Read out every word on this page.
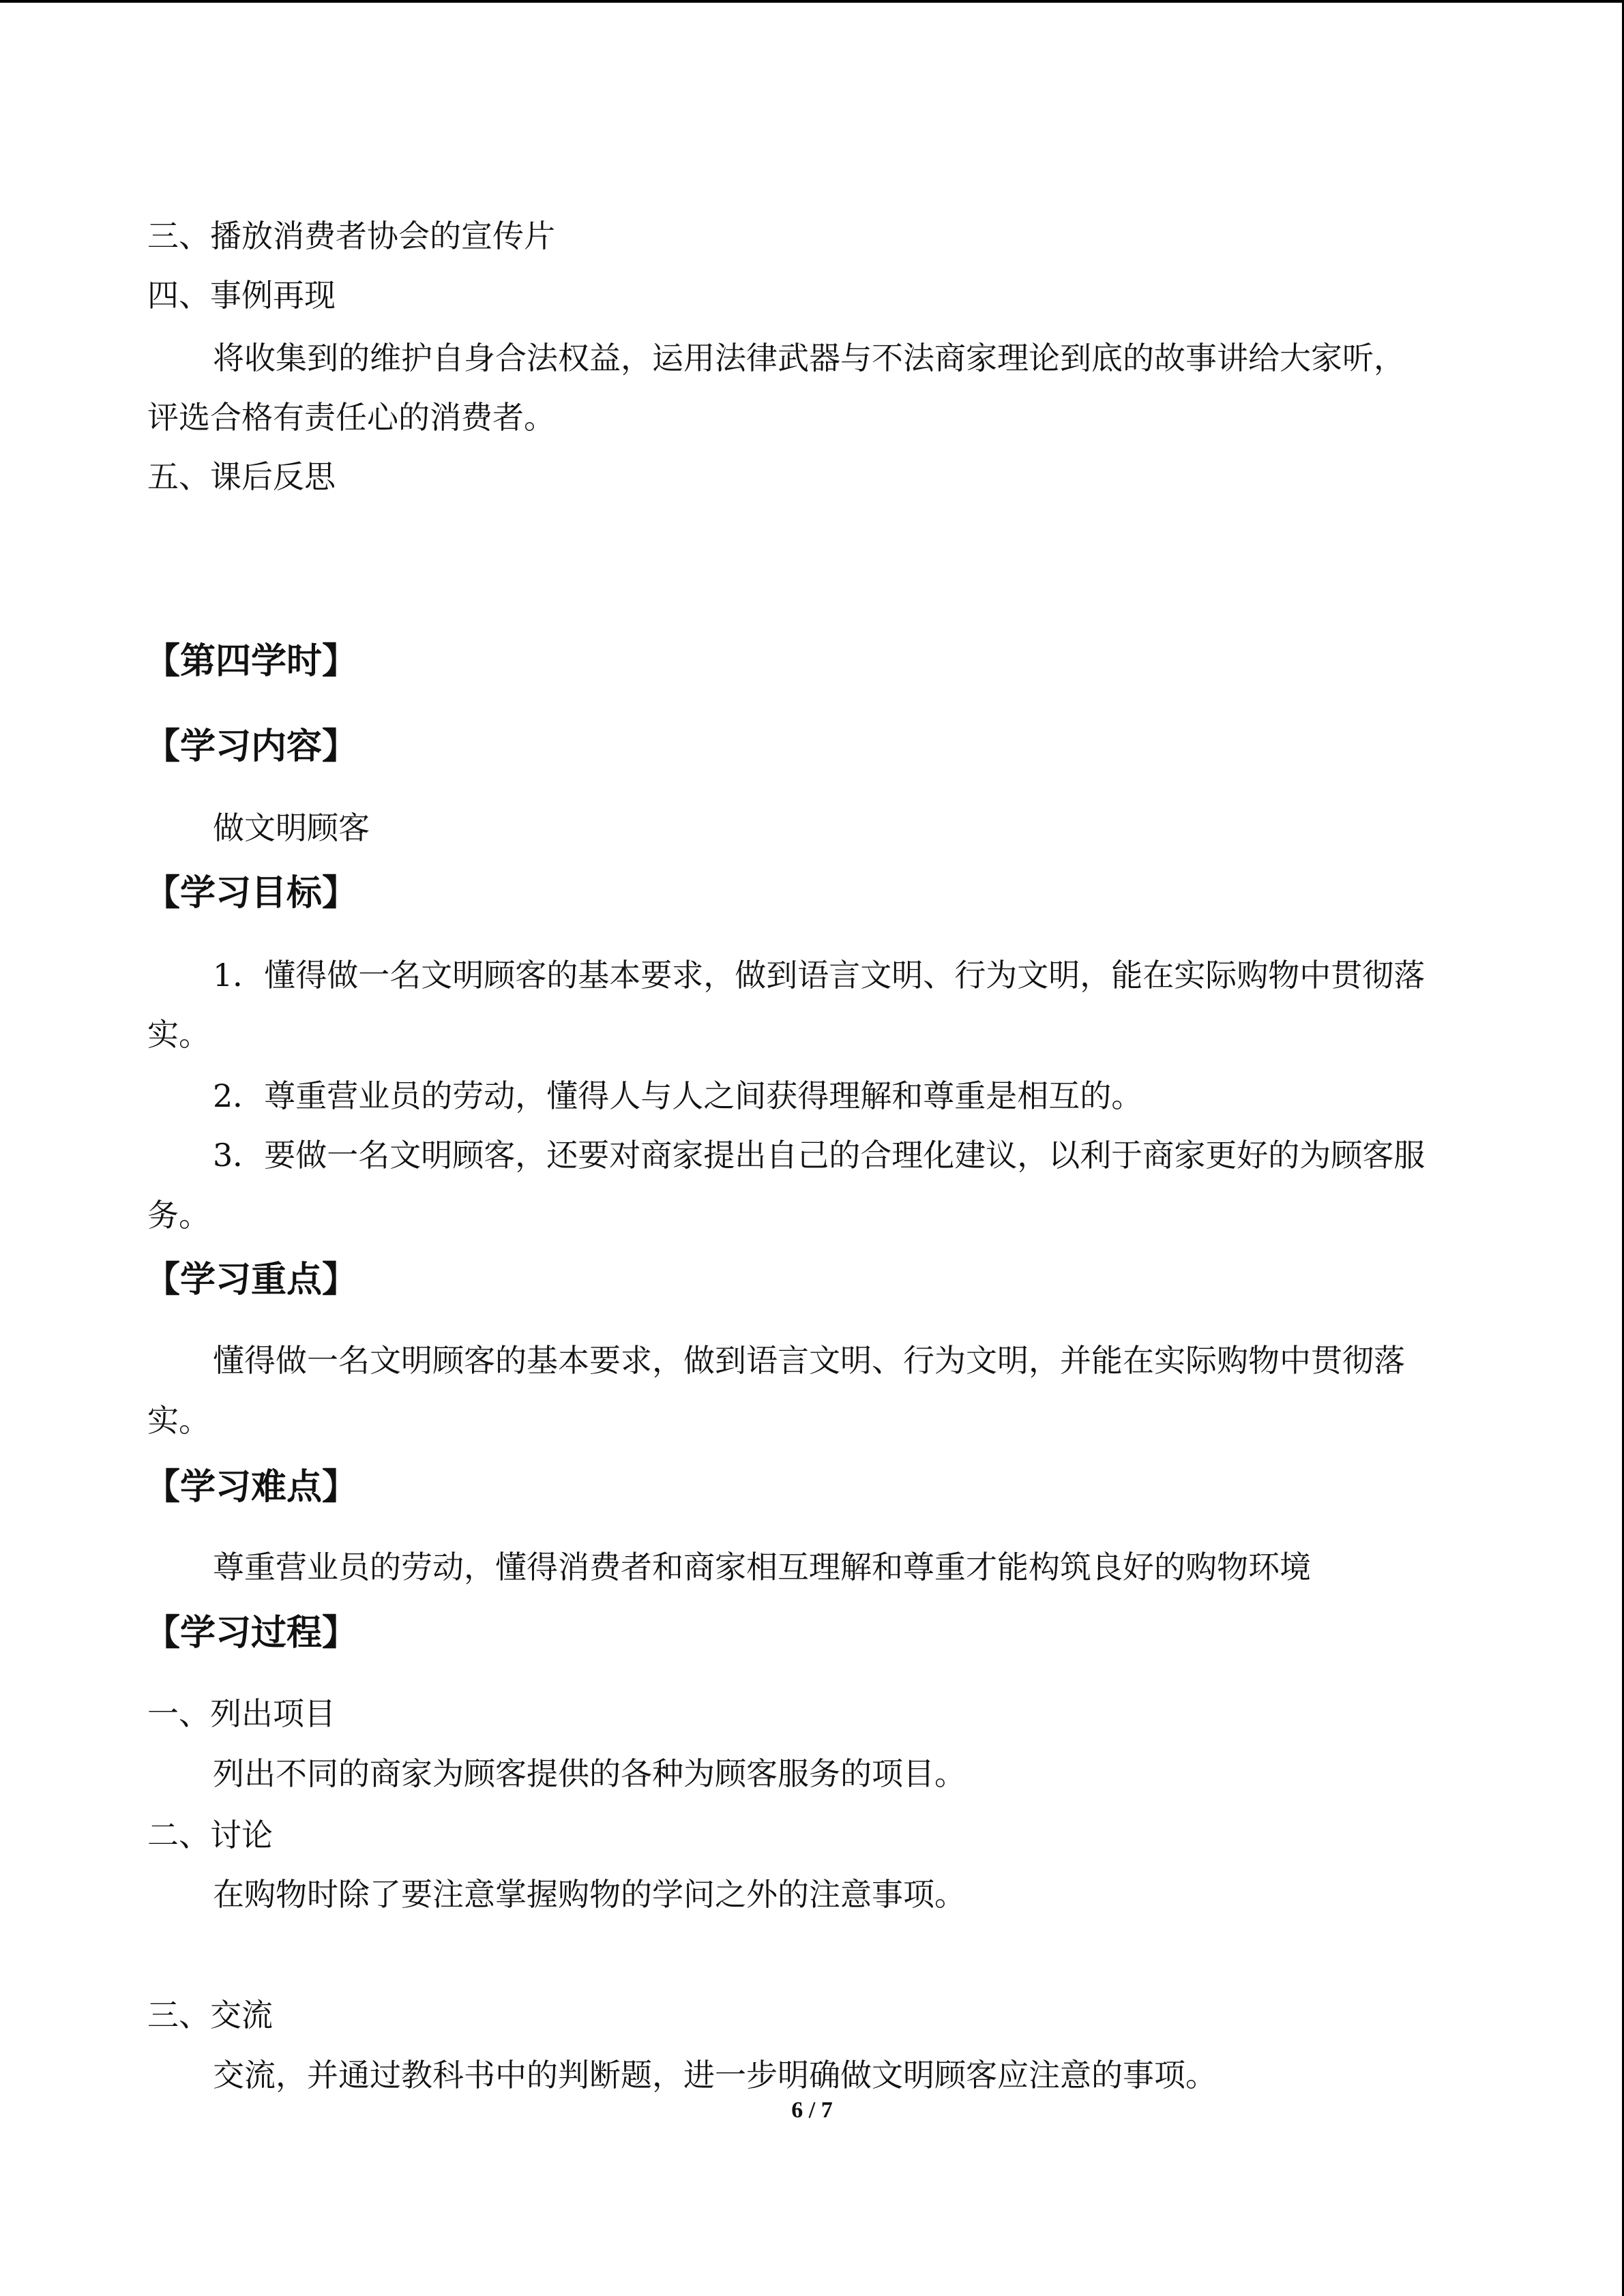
三、播放消费者协会的宣传片
四、事例再现
将收集到的维护自身合法权益，运用法律武器与不法商家理论到底的故事讲给大家听，
评选合格有责任心的消费者。
五、课后反思
【第四学时】
【学习内容】
做文明顾客
【学习目标】
1．懂得做一名文明顾客的基本要求，做到语言文明、行为文明，能在实际购物中贯彻落
实。
2．尊重营业员的劳动，懂得人与人之间获得理解和尊重是相互的。
3．要做一名文明顾客，还要对商家提出自己的合理化建议，以利于商家更好的为顾客服
务。
【学习重点】
懂得做一名文明顾客的基本要求，做到语言文明、行为文明，并能在实际购物中贯彻落
实。
【学习难点】
尊重营业员的劳动，懂得消费者和商家相互理解和尊重才能构筑良好的购物环境
【学习过程】
一、列出项目
列出不同的商家为顾客提供的各种为顾客服务的项目。
二、讨论
在购物时除了要注意掌握购物的学问之外的注意事项。
三、交流
交流，并通过教科书中的判断题，进一步明确做文明顾客应注意的事项。
6 / 7
